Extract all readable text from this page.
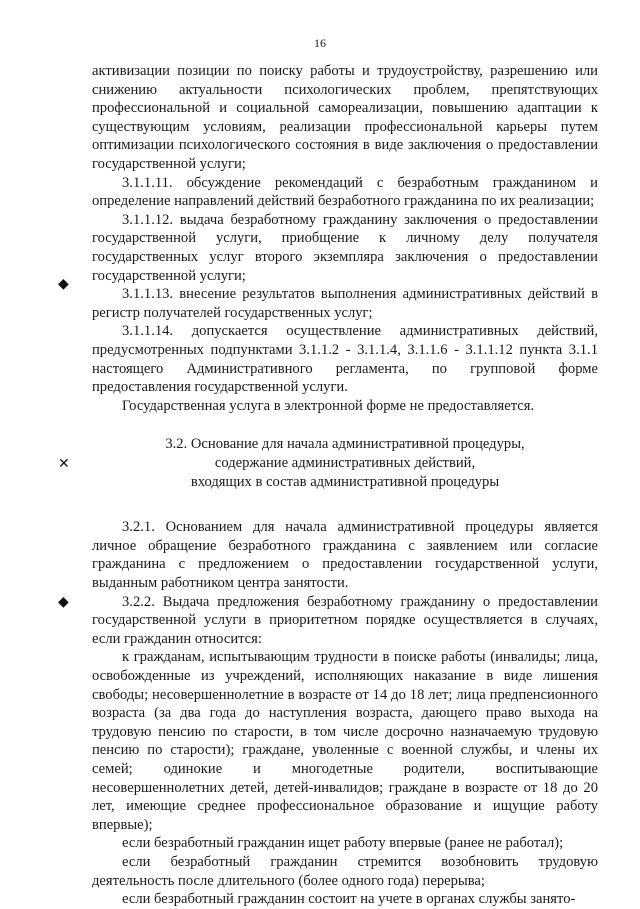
16
◆
✕
◆

активизации позиции по поиску работы и трудоустройству, разрешению или снижению актуальности психологических проблем, препятствующих профессиональной и социальной самореализации, повышению адаптации к существующим условиям, реализации профессиональной карьеры путем оптимизации психологического состояния в виде заключения о предоставлении государственной услуги;

3.1.1.11. обсуждение рекомендаций с безработным гражданином и определение направлений действий безработного гражданина по их реализации;

3.1.1.12. выдача безработному гражданину заключения о предоставлении государственной услуги, приобщение к личному делу получателя государственных услуг второго экземпляра заключения о предоставлении государственной услуги;

3.1.1.13. внесение результатов выполнения административных действий в регистр получателей государственных услуг;

3.1.1.14. допускается осуществление административных действий, предусмотренных подпунктами 3.1.1.2 - 3.1.1.4, 3.1.1.6 - 3.1.1.12 пункта 3.1.1 настоящего Административного регламента, по групповой форме предоставления государственной услуги.

Государственная услуга в электронной форме не предоставляется.

3.2. Основание для начала административной процедуры,

содержание административных действий,

входящих в состав административной процедуры

3.2.1. Основанием для начала административной процедуры является личное обращение безработного гражданина с заявлением или согласие гражданина с предложением о предоставлении государственной услуги, выданным работником центра занятости.

3.2.2. Выдача предложения безработному гражданину о предоставлении государственной услуги в приоритетном порядке осуществляется в случаях, если гражданин относится:

к гражданам, испытывающим трудности в поиске работы (инвалиды; лица, освобожденные из учреждений, исполняющих наказание в виде лишения свободы; несовершеннолетние в возрасте от 14 до 18 лет; лица предпенсионного возраста (за два года до наступления возраста, дающего право выхода на трудовую пенсию по старости, в том числе досрочно назначаемую трудовую пенсию по старости); граждане, уволенные с военной службы, и члены их семей; одинокие и многодетные родители, воспитывающие несовершеннолетних детей, детей-инвалидов; граждане в возрасте от 18 до 20 лет, имеющие среднее профессиональное образование и ищущие работу впервые);

если безработный гражданин ищет работу впервые (ранее не работал);

если безработный гражданин стремится возобновить трудовую деятельность после длительного (более одного года) перерыва;

если безработный гражданин состоит на учете в органах службы занято-
